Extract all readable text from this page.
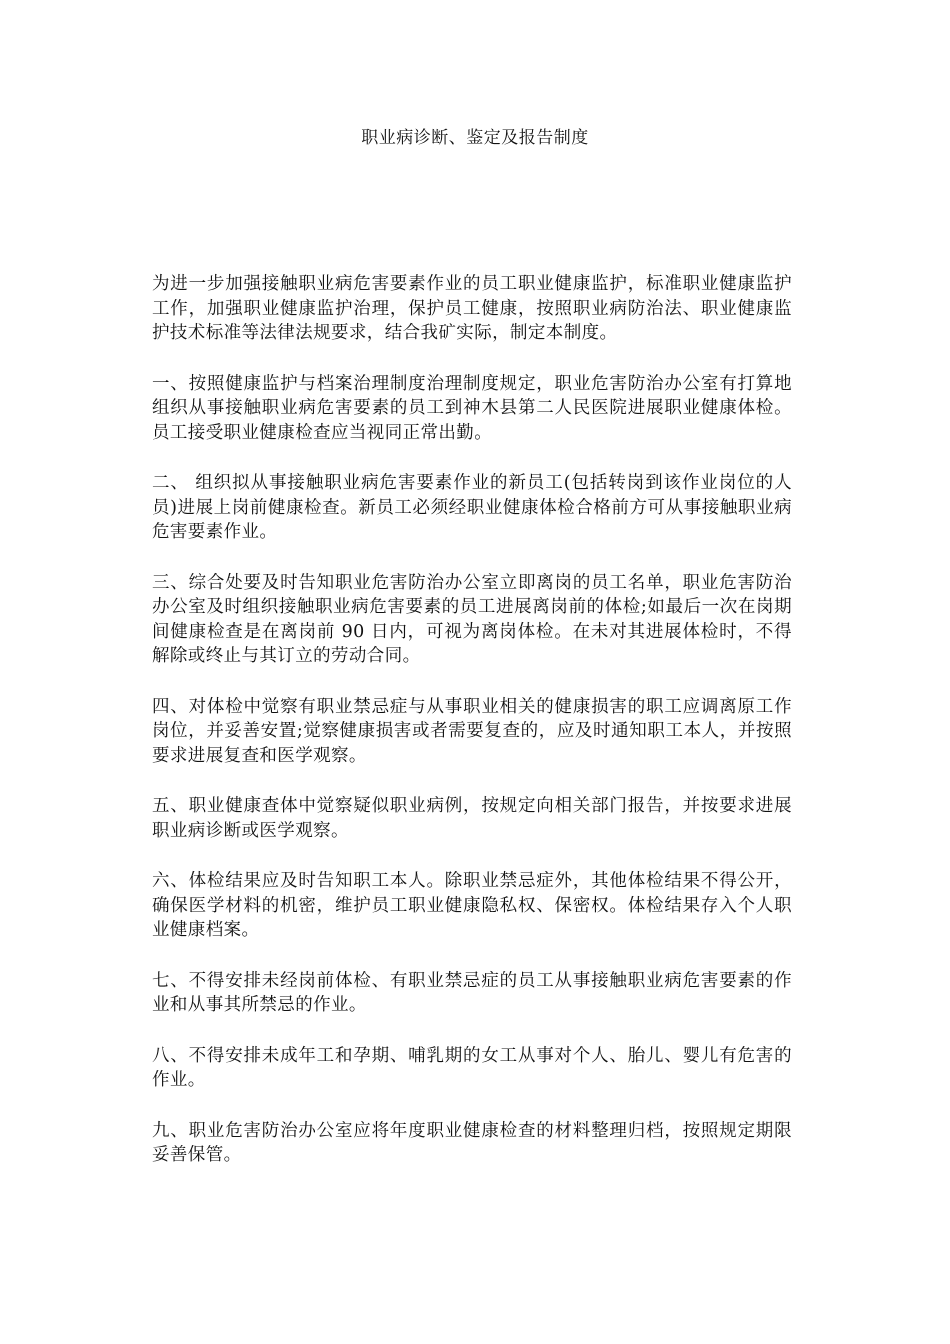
职业病诊断、鉴定及报告制度

为进一步加强接触职业病危害要素作业的员工职业健康监护，标准职业健康监护工作，加强职业健康监护治理，保护员工健康，按照职业病防治法、职业健康监护技术标准等法律法规要求，结合我矿实际，制定本制度。

一、按照健康监护与档案治理制度治理制度规定，职业危害防治办公室有打算地组织从事接触职业病危害要素的员工到神木县第二人民医院进展职业健康体检。员工接受职业健康检查应当视同正常出勤。

二、 组织拟从事接触职业病危害要素作业的新员工(包括转岗到该作业岗位的人员)进展上岗前健康检查。新员工必须经职业健康体检合格前方可从事接触职业病危害要素作业。

三、综合处要及时告知职业危害防治办公室立即离岗的员工名单，职业危害防治办公室及时组织接触职业病危害要素的员工进展离岗前的体检;如最后一次在岗期间健康检查是在离岗前 90 日内，可视为离岗体检。在未对其进展体检时，不得解除或终止与其订立的劳动合同。

四、对体检中觉察有职业禁忌症与从事职业相关的健康损害的职工应调离原工作岗位，并妥善安置;觉察健康损害或者需要复查的，应及时通知职工本人，并按照要求进展复查和医学观察。

五、职业健康查体中觉察疑似职业病例，按规定向相关部门报告，并按要求进展职业病诊断或医学观察。

六、体检结果应及时告知职工本人。除职业禁忌症外，其他体检结果不得公开，确保医学材料的机密，维护员工职业健康隐私权、保密权。体检结果存入个人职业健康档案。

七、不得安排未经岗前体检、有职业禁忌症的员工从事接触职业病危害要素的作业和从事其所禁忌的作业。

八、不得安排未成年工和孕期、哺乳期的女工从事对个人、胎儿、婴儿有危害的作业。

九、职业危害防治办公室应将年度职业健康检查的材料整理归档，按照规定期限妥善保管。
